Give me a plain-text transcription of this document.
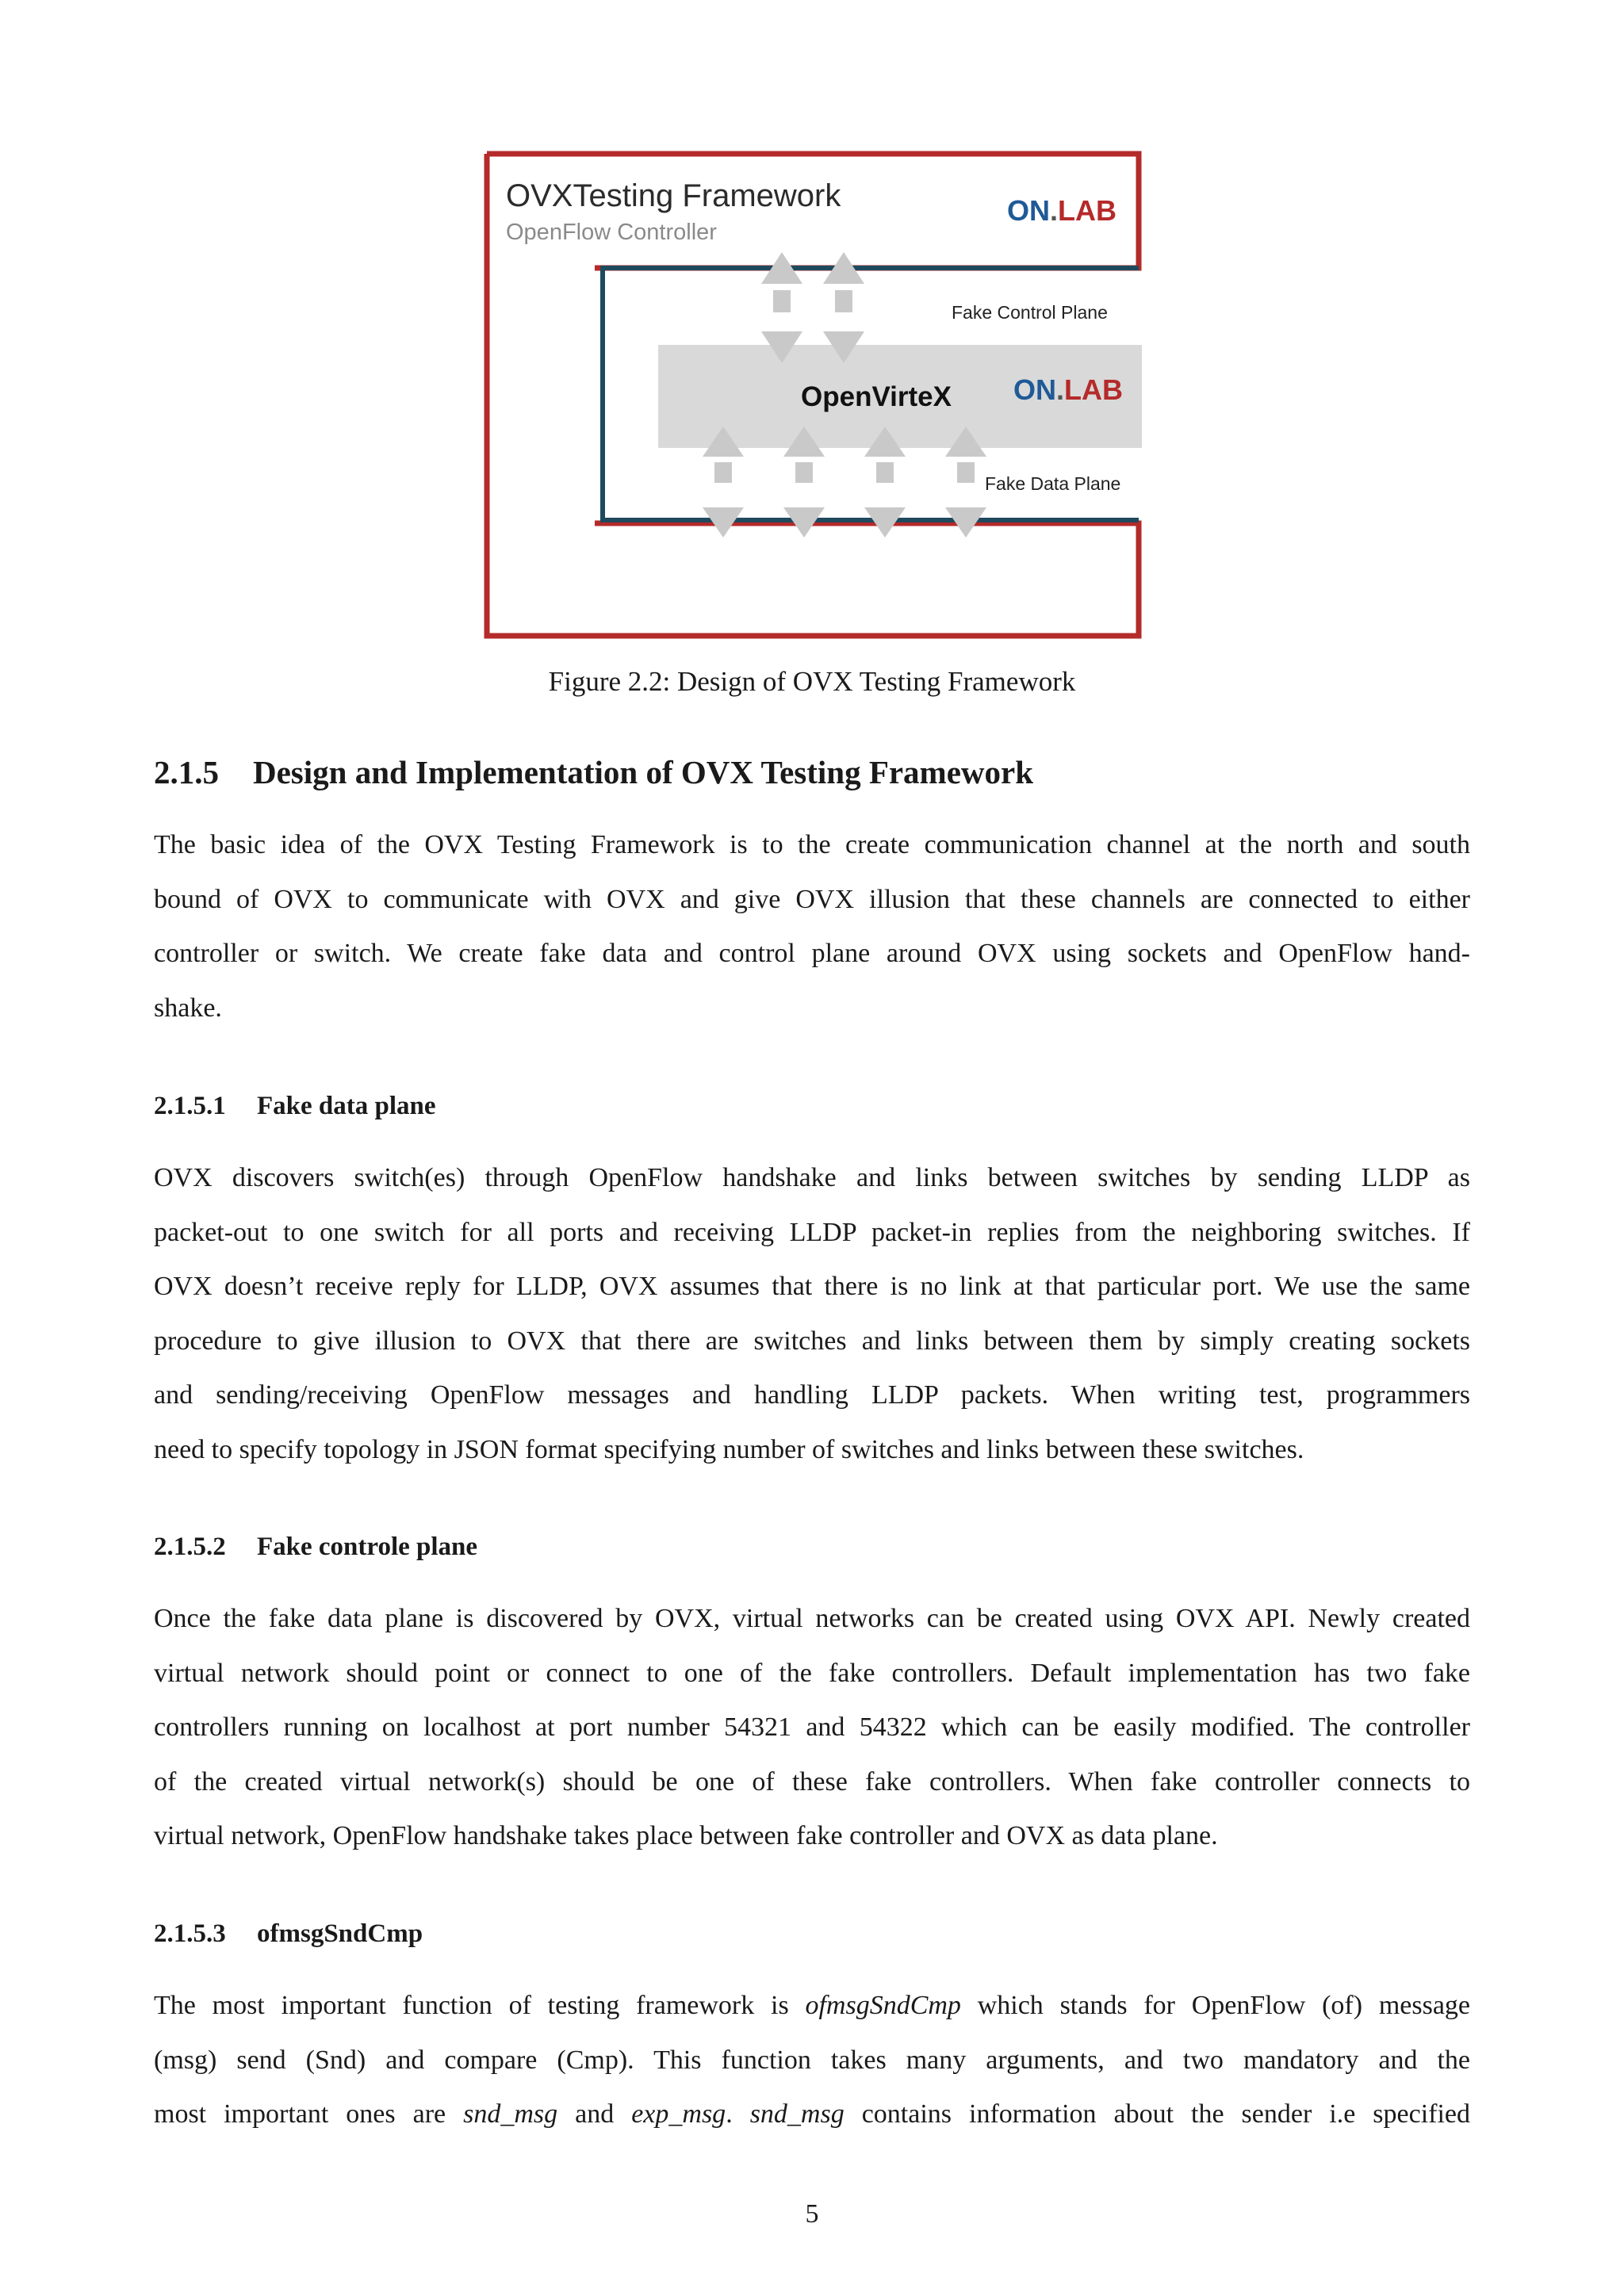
OVXTesting Framework
OpenFlow Controller
ON.LAB
Fake Control Plane
OpenVirteX ON.LAB
Fake Data Plane
Figure 2.2: Design of OVX Testing Framework
2.1.5 Design and Implementation of OVX Testing Framework
The basic idea of the OVX Testing Framework is to the create communication channel at the north and south
bound of OVX to communicate with OVX and give OVX illusion that these channels are connected to either
controller or switch. We create fake data and control plane around OVX using sockets and OpenFlow hand-
shake.
2.1.5.1 Fake data plane
OVX discovers switch(es) through OpenFlow handshake and links between switches by sending LLDP as
packet-out to one switch for all ports and receiving LLDP packet-in replies from the neighboring switches. If
OVX doesn’t receive reply for LLDP, OVX assumes that there is no link at that particular port. We use the same
procedure to give illusion to OVX that there are switches and links between them by simply creating sockets
and sending/receiving OpenFlow messages and handling LLDP packets. When writing test, programmers
need to specify topology in JSON format specifying number of switches and links between these switches.
2.1.5.2 Fake controle plane
Once the fake data plane is discovered by OVX, virtual networks can be created using OVX API. Newly created
virtual network should point or connect to one of the fake controllers. Default implementation has two fake
controllers running on localhost at port number 54321 and 54322 which can be easily modified. The controller
of the created virtual network(s) should be one of these fake controllers. When fake controller connects to
virtual network, OpenFlow handshake takes place between fake controller and OVX as data plane.
2.1.5.3 ofmsgSndCmp
The most important function of testing framework is ofmsgSndCmp which stands for OpenFlow (of) message
(msg) send (Snd) and compare (Cmp). This function takes many arguments, and two mandatory and the
most important ones are snd_msg and exp_msg. snd_msg contains information about the sender i.e specified
5
